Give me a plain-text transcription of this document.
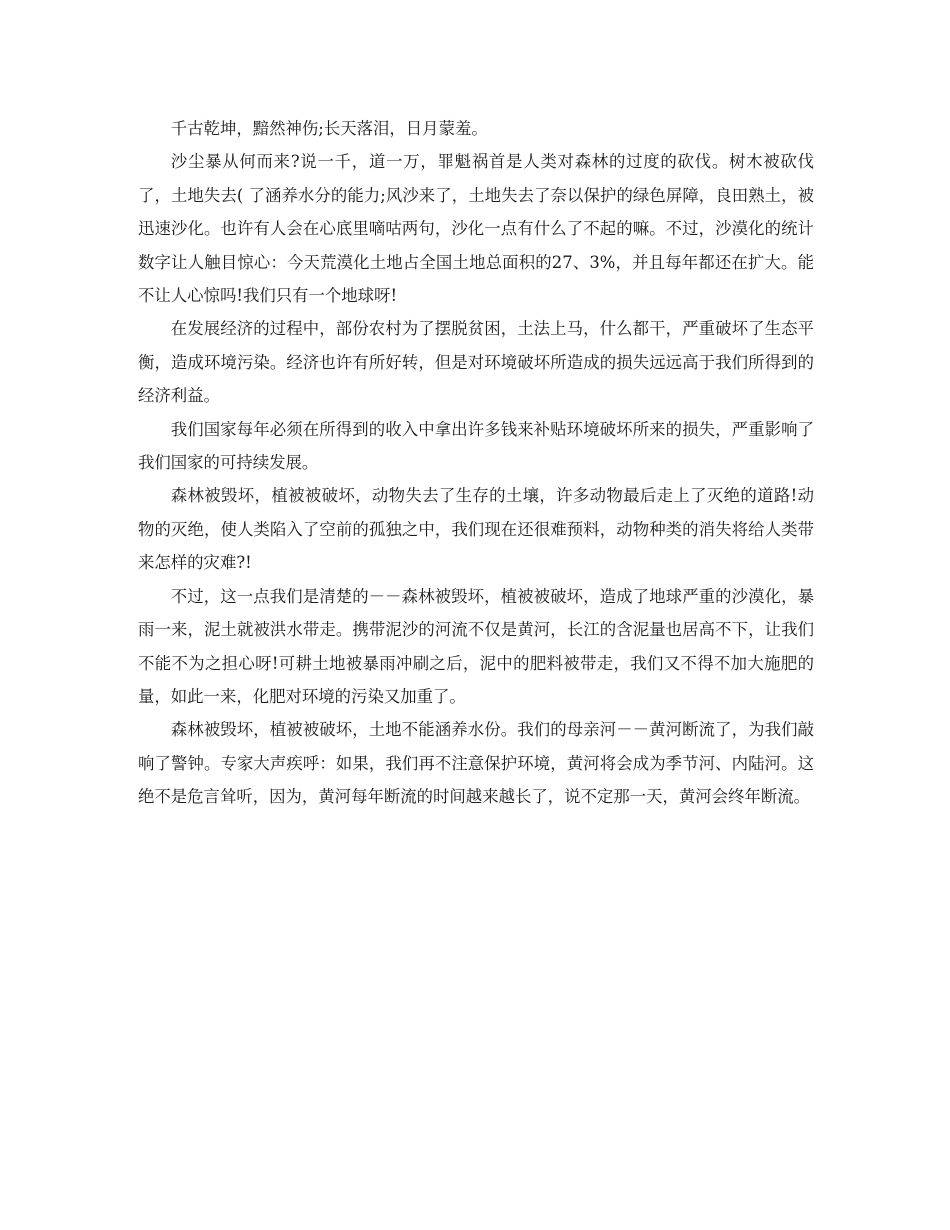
千古乾坤，黯然神伤;长天落泪，日月蒙羞。

沙尘暴从何而来?说一千，道一万，罪魁祸首是人类对森林的过度的砍伐。树木被砍伐了，土地失去( 了涵养水分的能力;风沙来了，土地失去了奈以保护的绿色屏障，良田熟土，被迅速沙化。也许有人会在心底里嘀咕两句，沙化一点有什么了不起的嘛。不过，沙漠化的统计数字让人触目惊心：今天荒漠化土地占全国土地总面积的27、3%，并且每年都还在扩大。能不让人心惊吗!我们只有一个地球呀!

在发展经济的过程中，部份农村为了摆脱贫困，土法上马，什么都干，严重破坏了生态平衡，造成环境污染。经济也许有所好转，但是对环境破坏所造成的损失远远高于我们所得到的经济利益。

我们国家每年必须在所得到的收入中拿出许多钱来补贴环境破坏所来的损失，严重影响了我们国家的可持续发展。

森林被毁坏，植被被破坏，动物失去了生存的土壤，许多动物最后走上了灭绝的道路!动物的灭绝，使人类陷入了空前的孤独之中，我们现在还很难预料，动物种类的消失将给人类带来怎样的灾难?!

不过，这一点我们是清楚的－－森林被毁坏，植被被破坏，造成了地球严重的沙漠化，暴雨一来，泥土就被洪水带走。携带泥沙的河流不仅是黄河，长江的含泥量也居高不下，让我们不能不为之担心呀!可耕土地被暴雨冲刷之后，泥中的肥料被带走，我们又不得不加大施肥的量，如此一来，化肥对环境的污染又加重了。

森林被毁坏，植被被破坏，土地不能涵养水份。我们的母亲河－－黄河断流了，为我们敲响了警钟。专家大声疾呼：如果，我们再不注意保护环境，黄河将会成为季节河、内陆河。这绝不是危言耸听，因为，黄河每年断流的时间越来越长了，说不定那一天，黄河会终年断流。
